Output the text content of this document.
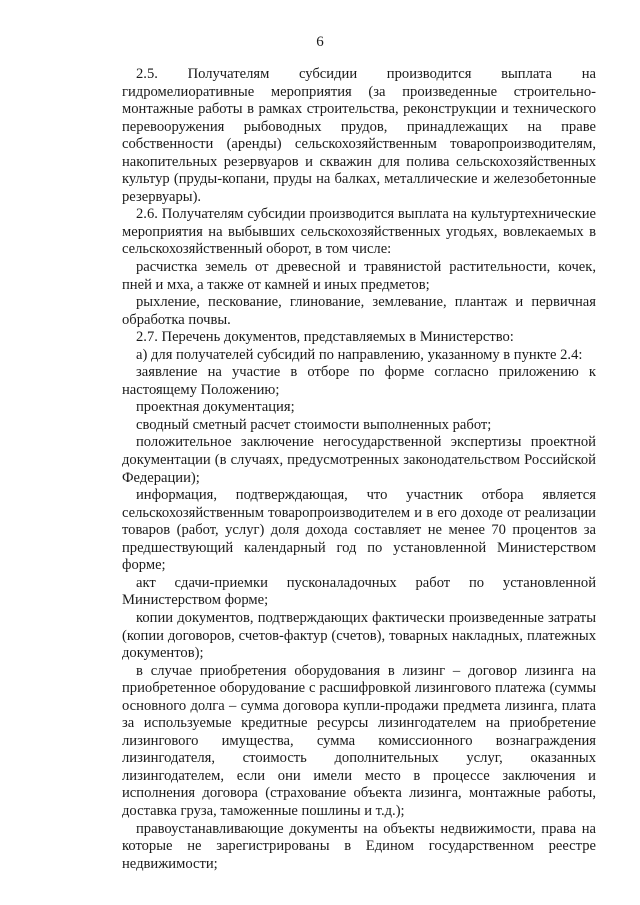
6

2.5. Получателям субсидии производится выплата на гидромелиоративные мероприятия (за произведенные строительно-монтажные работы в рамках строительства, реконструкции и технического перевооружения рыбоводных прудов, принадлежащих на праве собственности (аренды) сельскохозяйственным товаропроизводителям, накопительных резервуаров и скважин для полива сельскохозяйственных культур (пруды-копани, пруды на балках, металлические и железобетонные резервуары).

2.6. Получателям субсидии производится выплата на культуртехнические мероприятия на выбывших сельскохозяйственных угодьях, вовлекаемых в сельскохозяйственный оборот, в том числе:

расчистка земель от древесной и травянистой растительности, кочек, пней и мха, а также от камней и иных предметов;

рыхление, пескование, глинование, землевание, плантаж и первичная обработка почвы.

2.7. Перечень документов, представляемых в Министерство:

а) для получателей субсидий по направлению, указанному в пункте 2.4:

заявление на участие в отборе по форме согласно приложению к настоящему Положению;

проектная документация;

сводный сметный расчет стоимости выполненных работ;

положительное заключение негосударственной экспертизы проектной документации (в случаях, предусмотренных законодательством Российской Федерации);

информация, подтверждающая, что участник отбора является сельскохозяйственным товаропроизводителем и в его доходе от реализации товаров (работ, услуг) доля дохода составляет не менее 70 процентов за предшествующий календарный год по установленной Министерством форме;

акт сдачи-приемки пусконаладочных работ по установленной Министерством форме;

копии документов, подтверждающих фактически произведенные затраты (копии договоров, счетов-фактур (счетов), товарных накладных, платежных документов);

в случае приобретения оборудования в лизинг – договор лизинга на приобретенное оборудование с расшифровкой лизингового платежа (суммы основного долга – сумма договора купли-продажи предмета лизинга, плата за используемые кредитные ресурсы лизингодателем на приобретение лизингового имущества, сумма комиссионного вознаграждения лизингодателя, стоимость дополнительных услуг, оказанных лизингодателем, если они имели место в процессе заключения и исполнения договора (страхование объекта лизинга, монтажные работы, доставка груза, таможенные пошлины и т.д.);

правоустанавливающие документы на объекты недвижимости, права на которые не зарегистрированы в Едином государственном реестре недвижимости;
